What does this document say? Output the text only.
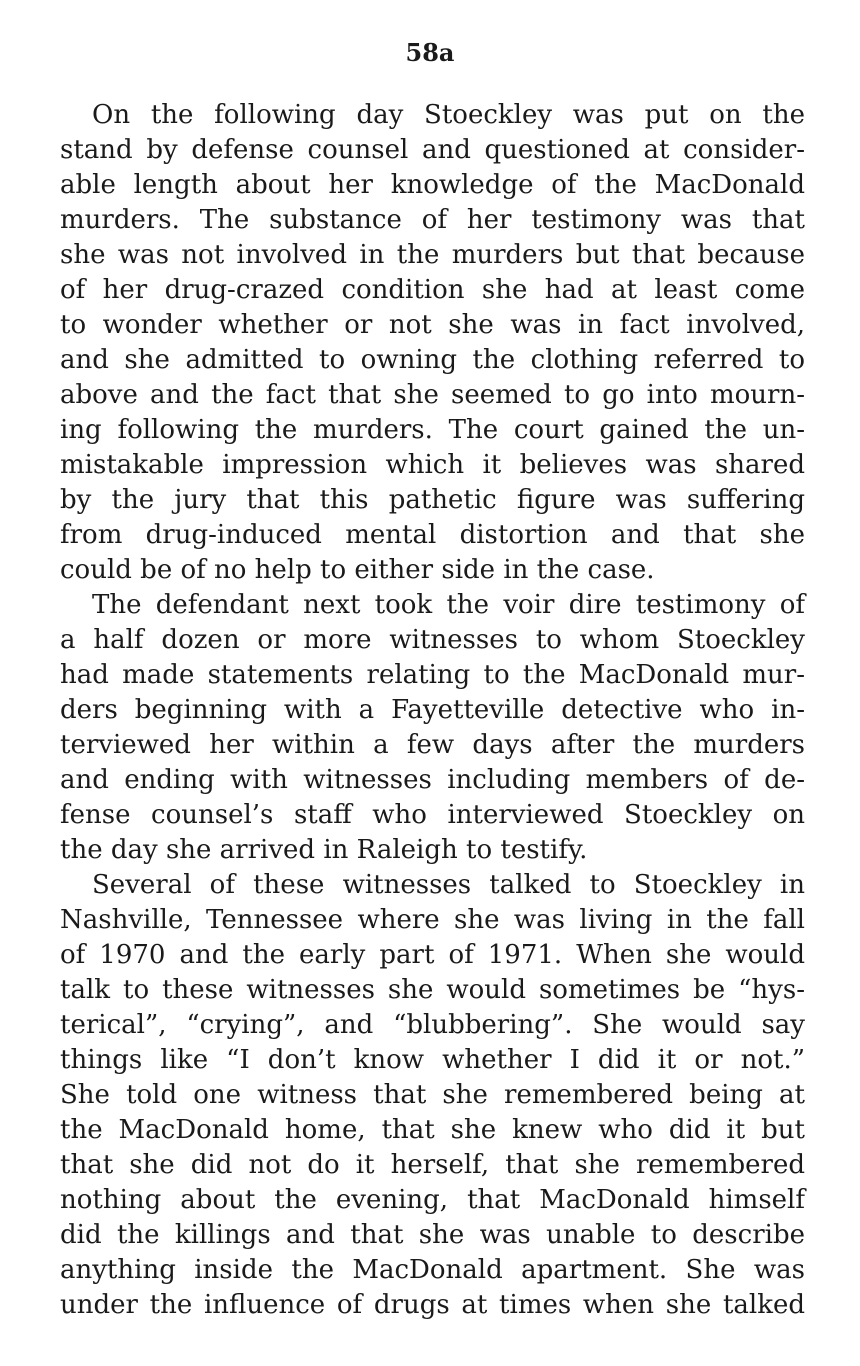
58a
On the following day Stoeckley was put on the
stand by defense counsel and questioned at consider-
able length about her knowledge of the MacDonald
murders. The substance of her testimony was that
she was not involved in the murders but that because
of her drug-crazed condition she had at least come
to wonder whether or not she was in fact involved,
and she admitted to owning the clothing referred to
above and the fact that she seemed to go into mourn-
ing following the murders. The court gained the un-
mistakable impression which it believes was shared
by the jury that this pathetic figure was suffering
from drug-induced mental distortion and that she
could be of no help to either side in the case.
The defendant next took the voir dire testimony of
a half dozen or more witnesses to whom Stoeckley
had made statements relating to the MacDonald mur-
ders beginning with a Fayetteville detective who in-
terviewed her within a few days after the murders
and ending with witnesses including members of de-
fense counsel’s staff who interviewed Stoeckley on
the day she arrived in Raleigh to testify.
Several of these witnesses talked to Stoeckley in
Nashville, Tennessee where she was living in the fall
of 1970 and the early part of 1971. When she would
talk to these witnesses she would sometimes be “hys-
terical”, “crying”, and “blubbering”. She would say
things like “I don’t know whether I did it or not.”
She told one witness that she remembered being at
the MacDonald home, that she knew who did it but
that she did not do it herself, that she remembered
nothing about the evening, that MacDonald himself
did the killings and that she was unable to describe
anything inside the MacDonald apartment. She was
under the influence of drugs at times when she talked
